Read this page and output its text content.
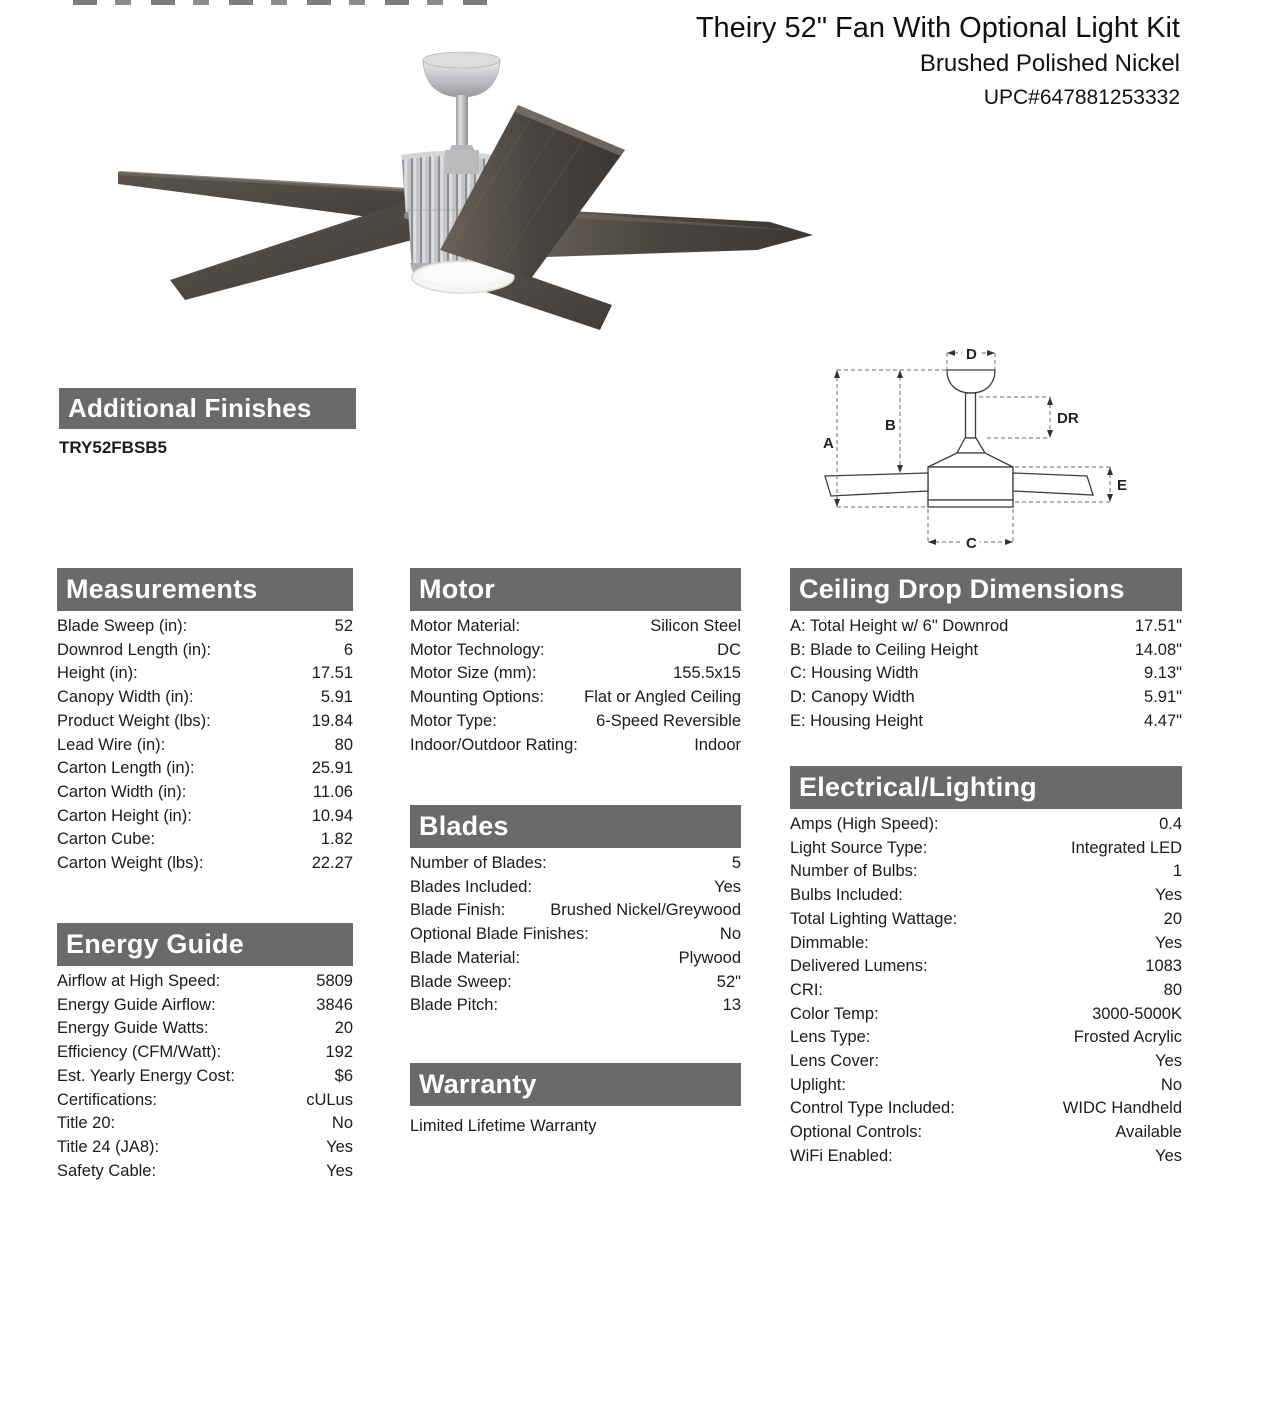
Theiry 52" Fan With Optional Light Kit
Brushed Polished Nickel
UPC#647881253332
A
B
C
D
DR
E
Additional Finishes
TRY52FBSB5
Measurements
Blade Sweep (in):	52
Downrod Length (in):	6
Height (in):	17.51
Canopy Width (in):	5.91
Product Weight (lbs):	19.84
Lead Wire (in):	80
Carton Length (in):	25.91
Carton Width (in):	11.06
Carton Height (in):	10.94
Carton Cube:	1.82
Carton Weight (lbs):	22.27
Energy Guide
Airflow at High Speed:	5809
Energy Guide Airflow:	3846
Energy Guide Watts:	20
Efficiency (CFM/Watt):	192
Est. Yearly Energy Cost:	$6
Certifications:	cULus
Title 20:	No
Title 24 (JA8):	Yes
Safety Cable:	Yes
Motor
Motor Material:	Silicon Steel
Motor Technology:	DC
Motor Size (mm):	155.5x15
Mounting Options: Flat or Angled Ceiling
Motor Type:	6-Speed Reversible
Indoor/Outdoor Rating:	Indoor
Blades
Number of Blades:	5
Blades Included:	Yes
Blade Finish:	Brushed Nickel/Greywood
Optional Blade Finishes:	No
Blade Material:	Plywood
Blade Sweep:	52"
Blade Pitch:	13
Warranty
Limited Lifetime Warranty
Ceiling Drop Dimensions
A: Total Height w/ 6" Downrod	17.51"
B: Blade to Ceiling Height	14.08"
C: Housing Width	9.13"
D: Canopy Width	5.91"
E: Housing Height	4.47"
Electrical/Lighting
Amps (High Speed):	0.4
Light Source Type:	Integrated LED
Number of Bulbs:	1
Bulbs Included:	Yes
Total Lighting Wattage:	20
Dimmable:	Yes
Delivered Lumens:	1083
CRI:	80
Color Temp:	3000-5000K
Lens Type:	Frosted Acrylic
Lens Cover:	Yes
Uplight:	No
Control Type Included:	WIDC Handheld
Optional Controls:	Available
WiFi Enabled:	Yes
